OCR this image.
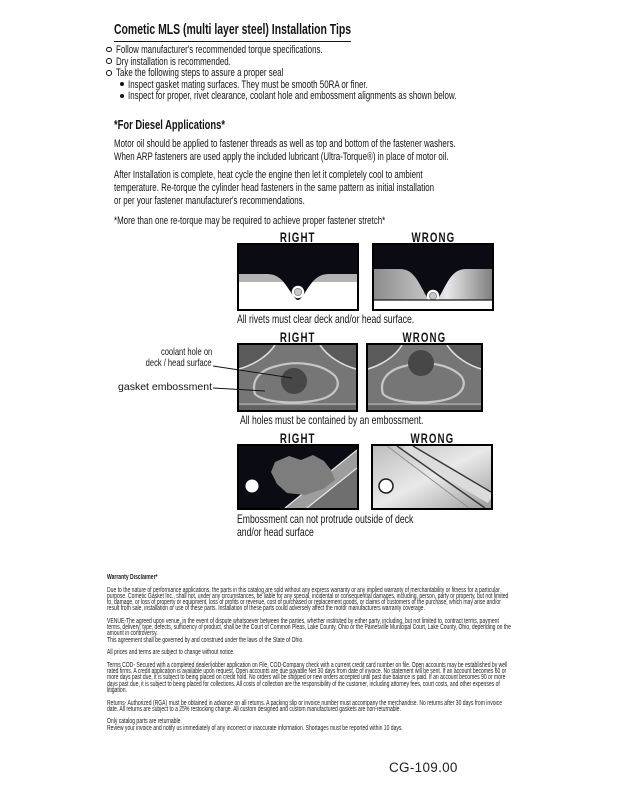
Cometic MLS (multi layer steel) Installation Tips
Follow manufacturer's recommended torque specifications.
Dry installation is recommended.
Take the following steps to assure a proper seal
Inspect gasket mating surfaces. They must be smooth 50RA or finer.
Inspect for proper, rivet clearance, coolant hole and embossment alignments as shown below.
*For Diesel Applications*
Motor oil should be applied to fastener threads as well as top and bottom of the fastener washers.
When ARP fasteners are used apply the included lubricant (Ultra-Torque®) in place of motor oil.
After Installation is complete, heat cycle the engine then let it completely cool to ambient
temperature. Re-torque the cylinder head fasteners in the same pattern as initial installation
or per your fastener manufacturer's recommendations.
*More than one re-torque may be required to achieve proper fastener stretch*
RIGHT	WRONG
All rivets must clear deck and/or head surface.
RIGHT	WRONG
All holes must be contained by an embossment.
coolant hole on
deck / head surface
gasket embossment
RIGHT	WRONG
Embossment can not protrude outside of deck
and/or head surface
Warranty Disclaimer*
Due to the nature of performance applications, the parts in this catalog are sold without any express warranty or any implied warranty of merchantability or fitness for a particular purpose. Cometic Gasket Inc., shall not, under any circumstances, be liable for any special, incidental or consequential damages, including, person, party or property, but not limited to, damage, or loss of property or equipment, loss of profits or revenue, cost of purchased or replacement goods, or claims of customers of the purchase, which may arise and/or result from sale, installation or use of these parts. Installation of these parts could adversely affect the motor manufacturers warranty coverage.
VENUE-The agreed upon venue, in the event of dispute whatsoever between the parties, whether instituted by either party, including, but not limited to, contract terms, payment terms, delivery, type, defects, sufficiency of product, shall be the Court of Common Pleas, Lake County, Ohio or the Painesville Municipal Court, Lake County, Ohio, depending on the amount in controversy.
This agreement shall be governed by and construed under the laws of the State of Ohio.
All prices and terms are subject to change without notice.
Terms COD- Secured with a completed dealer/jobber application on File, COD-Company check with a current credit card number on file. Open accounts may be established by well rated firms. A credit application is available upon request. Open accounts are due payable Net 30 days from date of invoice. No statement will be sent. If an account becomes 60 or more days past due, it is subject to being placed on credit hold. No orders will be shipped or new orders accepted until past due balance is paid. If an account becomes 90 or more days past due, it is subject to being placed for collections. All costs of collection are the responsibility of the customer, including attorney fees, court costs, and other expenses of litigation.
Returns- Authorized (RGA) must be obtained in advance on all returns. A packing slip or invoice number must accompany the merchandise. No returns after 30 days from invoice date. All returns are subject to a 25% restocking charge. All custom designed and custom manufactured gaskets are non-returnable.
Only catalog parts are returnable.
Review your invoice and notify us immediately of any incorrect or inaccurate information. Shortages must be reported within 10 days.
CG-109.00
